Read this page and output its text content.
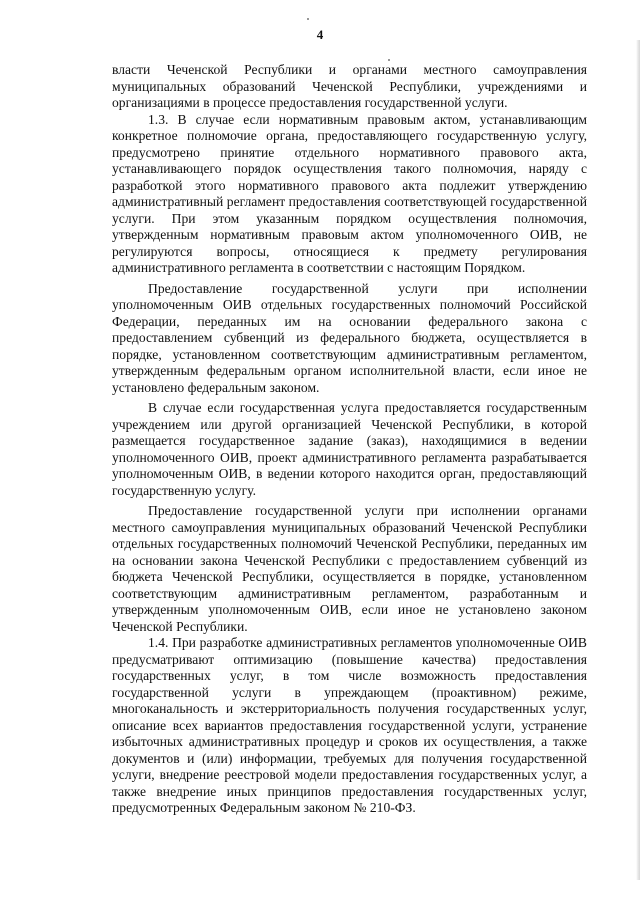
4

власти Чеченской Республики и органами местного самоуправления муниципальных образований Чеченской Республики, учреждениями и организациями в процессе предоставления государственной услуги.

1.3. В случае если нормативным правовым актом, устанавливающим конкретное полномочие органа, предоставляющего государственную услугу, предусмотрено принятие отдельного нормативного правового акта, устанавливающего порядок осуществления такого полномочия, наряду с разработкой этого нормативного правового акта подлежит утверждению административный регламент предоставления соответствующей государственной услуги. При этом указанным порядком осуществления полномочия, утвержденным нормативным правовым актом уполномоченного ОИВ, не регулируются вопросы, относящиеся к предмету регулирования административного регламента в соответствии с настоящим Порядком.

Предоставление государственной услуги при исполнении уполномоченным ОИВ отдельных государственных полномочий Российской Федерации, переданных им на основании федерального закона с предоставлением субвенций из федерального бюджета, осуществляется в порядке, установленном соответствующим административным регламентом, утвержденным федеральным органом исполнительной власти, если иное не установлено федеральным законом.

В случае если государственная услуга предоставляется государственным учреждением или другой организацией Чеченской Республики, в которой размещается государственное задание (заказ), находящимися в ведении уполномоченного ОИВ, проект административного регламента разрабатывается уполномоченным ОИВ, в ведении которого находится орган, предоставляющий государственную услугу.

Предоставление государственной услуги при исполнении органами местного самоуправления муниципальных образований Чеченской Республики отдельных государственных полномочий Чеченской Республики, переданных им на основании закона Чеченской Республики с предоставлением субвенций из бюджета Чеченской Республики, осуществляется в порядке, установленном соответствующим административным регламентом, разработанным и утвержденным уполномоченным ОИВ, если иное не установлено законом Чеченской Республики.

1.4. При разработке административных регламентов уполномоченные ОИВ предусматривают оптимизацию (повышение качества) предоставления государственных услуг, в том числе возможность предоставления государственной услуги в упреждающем (проактивном) режиме, многоканальность и экстерриториальность получения государственных услуг, описание всех вариантов предоставления государственной услуги, устранение избыточных административных процедур и сроков их осуществления, а также документов и (или) информации, требуемых для получения государственной услуги, внедрение реестровой модели предоставления государственных услуг, а также внедрение иных принципов предоставления государственных услуг, предусмотренных Федеральным законом № 210-ФЗ.
